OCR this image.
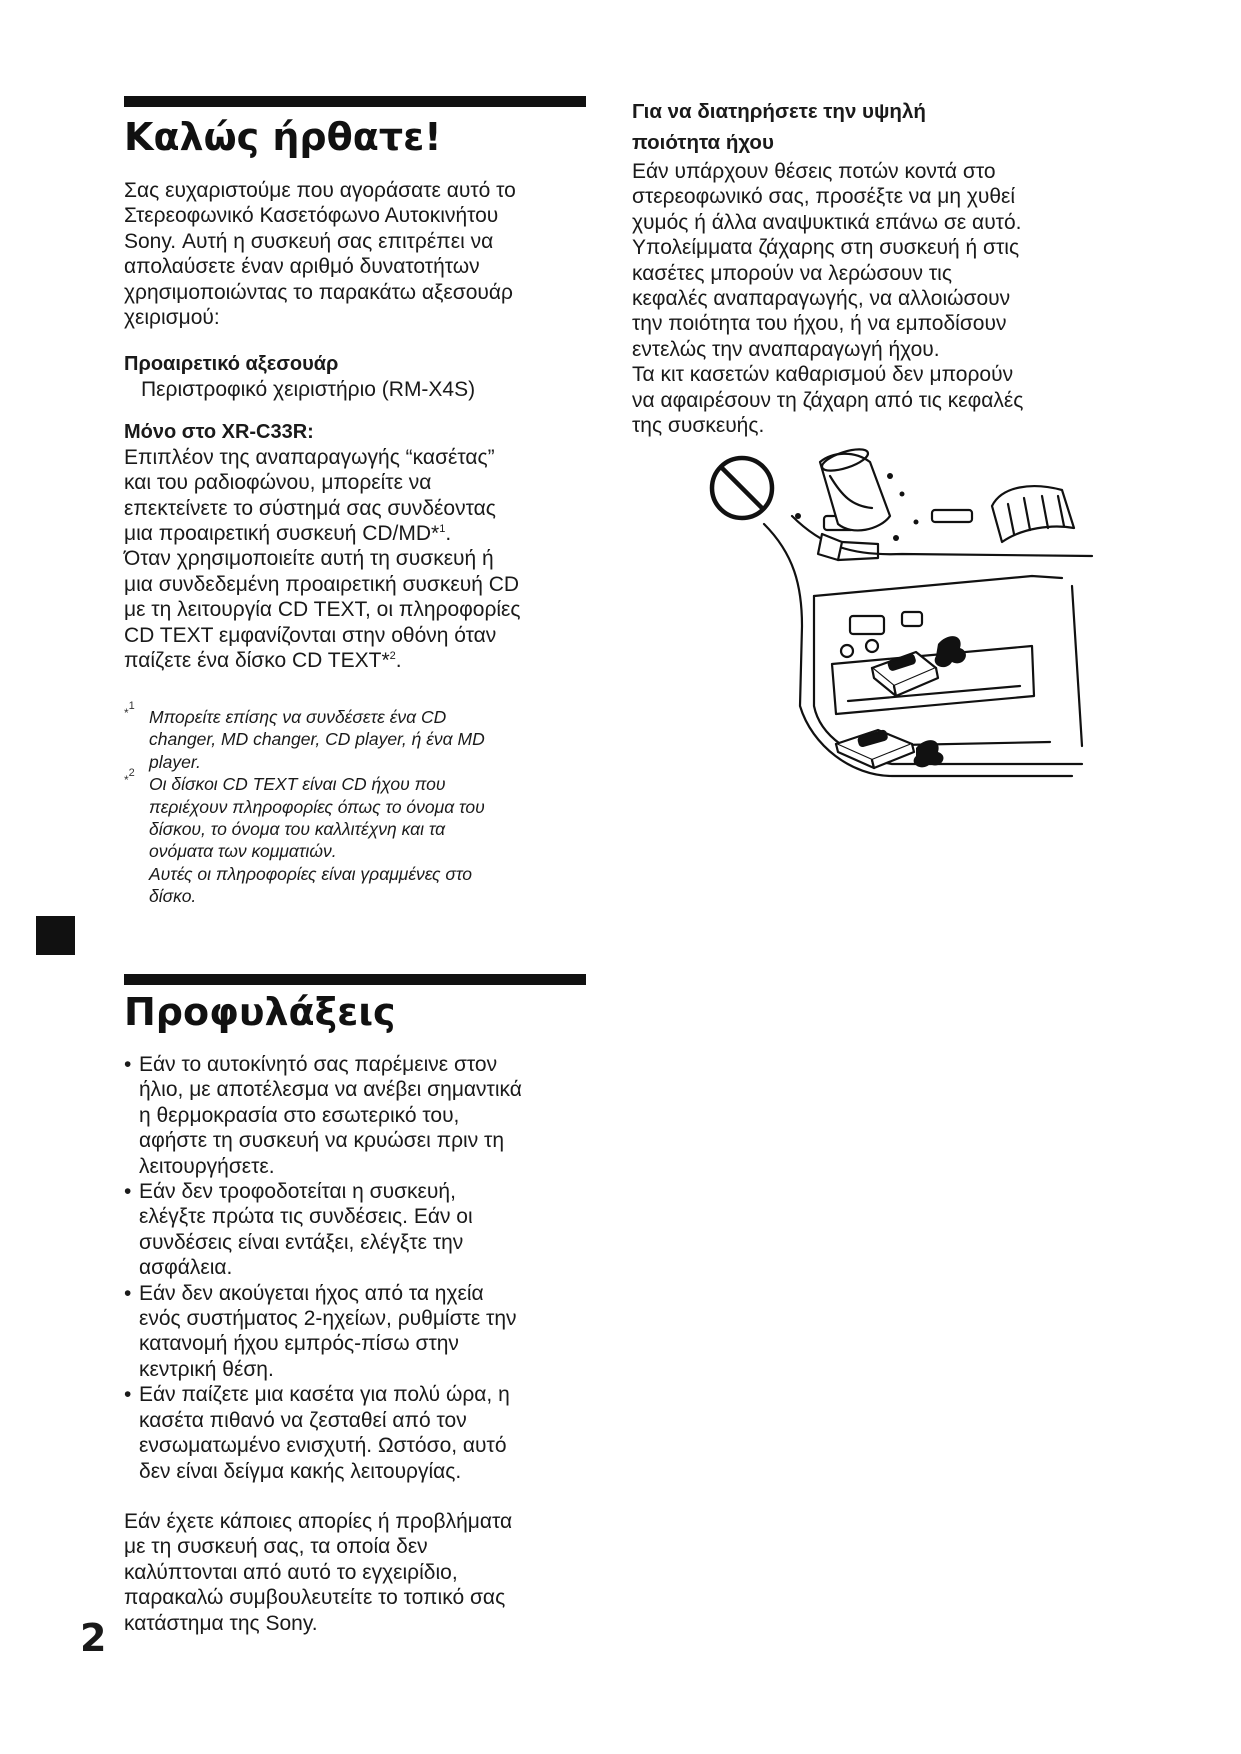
Καλώς ήρθατε!
Σας ευχαριστούμε που αγοράσατε αυτό το
Στερεοφωνικό Κασετόφωνο Αυτοκινήτου
Sony. Αυτή η συσκευή σας επιτρέπει να
απολαύσετε έναν αριθμό δυνατοτήτων
χρησιμοποιώντας το παρακάτω αξεσουάρ
χειρισμού:
Προαιρετικό αξεσουάρ
Περιστροφικό χειριστήριο (RM-X4S)
Μόνο στο XR-C33R:
Επιπλέον της αναπαραγωγής “κασέτας”
και του ραδιοφώνου, μπορείτε να
επεκτείνετε το σύστημά σας συνδέοντας
μια προαιρετική συσκευή CD/MD*$^1$.
Όταν χρησιμοποιείτε αυτή τη συσκευή ή
μια συνδεδεμένη προαιρετική συσκευή CD
με τη λειτουργία CD TEXT, οι πληροφορίες
CD TEXT εμφανίζονται στην οθόνη όταν
παίζετε ένα δίσκο CD TEXT*$^2$.
*$^1$
Μπορείτε επίσης να συνδέσετε ένα CD
changer, MD changer, CD player, ή ένα MD
player.
*$^2$
Οι δίσκοι CD TEXT είναι CD ήχου που
περιέχουν πληροφορίες όπως το όνομα του
δίσκου, το όνομα του καλλιτέχνη και τα
ονόματα των κομματιών.
Αυτές οι πληροφορίες είναι γραμμένες στο
δίσκο.
Προφυλάξεις
• Εάν το αυτοκίνητό σας παρέμεινε στον
ήλιο, με αποτέλεσμα να ανέβει σημαντικά
η θερμοκρασία στο εσωτερικό του,
αφήστε τη συσκευή να κρυώσει πριν τη
λειτουργήσετε.
• Εάν δεν τροφοδοτείται η συσκευή,
ελέγξτε πρώτα τις συνδέσεις. Εάν οι
συνδέσεις είναι εντάξει, ελέγξτε την
ασφάλεια.
• Εάν δεν ακούγεται ήχος από τα ηχεία
ενός συστήματος 2-ηχείων, ρυθμίστε την
κατανομή ήχου εμπρός-πίσω στην
κεντρική θέση.
• Εάν παίζετε μια κασέτα για πολύ ώρα, η
κασέτα πιθανό να ζεσταθεί από τον
ενσωματωμένο ενισχυτή. Ωστόσο, αυτό
δεν είναι δείγμα κακής λειτουργίας.
Εάν έχετε κάποιες απορίες ή προβλήματα
με τη συσκευή σας, τα οποία δεν
καλύπτονται από αυτό το εγχειρίδιο,
παρακαλώ συμβουλευτείτε το τοπικό σας
κατάστημα της Sony.
2
Για να διατηρήσετε την υψηλή
ποιότητα ήχου
Εάν υπάρχουν θέσεις ποτών κοντά στο
στερεοφωνικό σας, προσέξτε να μη χυθεί
χυμός ή άλλα αναψυκτικά επάνω σε αυτό.
Υπολείμματα ζάχαρης στη συσκευή ή στις
κασέτες μπορούν να λερώσουν τις
κεφαλές αναπαραγωγής, να αλλοιώσουν
την ποιότητα του ήχου, ή να εμποδίσουν
εντελώς την αναπαραγωγή ήχου.
Τα κιτ κασετών καθαρισμού δεν μπορούν
να αφαιρέσουν τη ζάχαρη από τις κεφαλές
της συσκευής.
